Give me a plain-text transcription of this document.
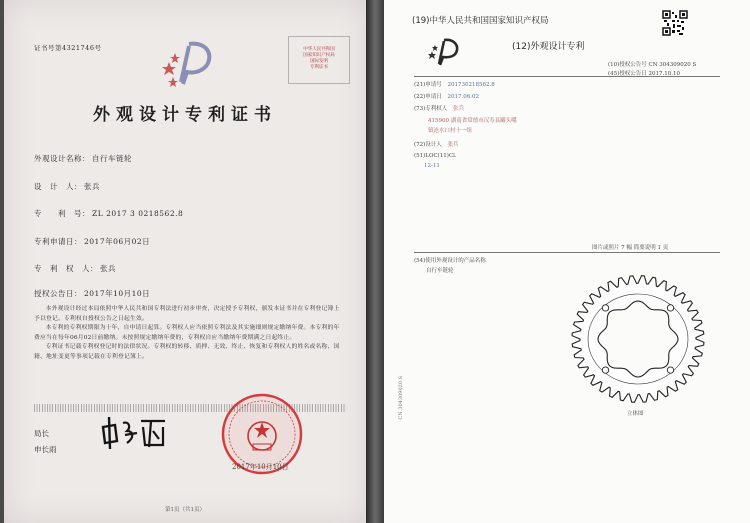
证书号第4321746号	中华人民共和国
国家知识产权局
国际发明
专利证书
外观设计专利证书
外观设计名称： 自行车链轮
设　计　人： 张兵
专　　利　号： ZL 2017 3 0218562.8
专利申请日： 2017年06月02日
专　利　权　人： 张兵
授权公告日： 2017年10月10日

本外观设计经过本局依照中华人民共和国专利法进行初步审查，决定授予专利权，颁发本证书并在专利登记簿上予以登记。专利权自授权公告之日起生效。

本专利的专利权期限为十年，自申请日起算。专利权人应当依照专利法及其实施细则规定缴纳年费。本专利的年费应当在每年06月02日前缴纳。未按照规定缴纳年费的，专利权自应当缴纳年费期满之日起终止。

专利证书记载专利权登记时的法律状况。专利权的转移、质押、无效、终止、恢复和专利权人的姓名或名称、国籍、地址变更等事项记载在专利登记簿上。

局长
申长雨
2017年10月10日
第1页（共1页）
(19)中华人民共和国国家知识产权局
(12)外观设计专利
(10)授权公告号 CN 304309020 S
(45)授权公告日 2017.10.10
(21)申请号 201730218562.8
(22)申请日 2017.06.02
(73)专利权人 张兵
415900 湖南省常德市汉寿县罐头嘴
镇沧水口村十一组
(72)设计人 张兵
(51)LOC(11)Cl.
12-11
图片或照片 7 幅 简要说明 1 页
(54)使用外观设计的产品名称
自行车链轮
立体图
CN 304309020 S
